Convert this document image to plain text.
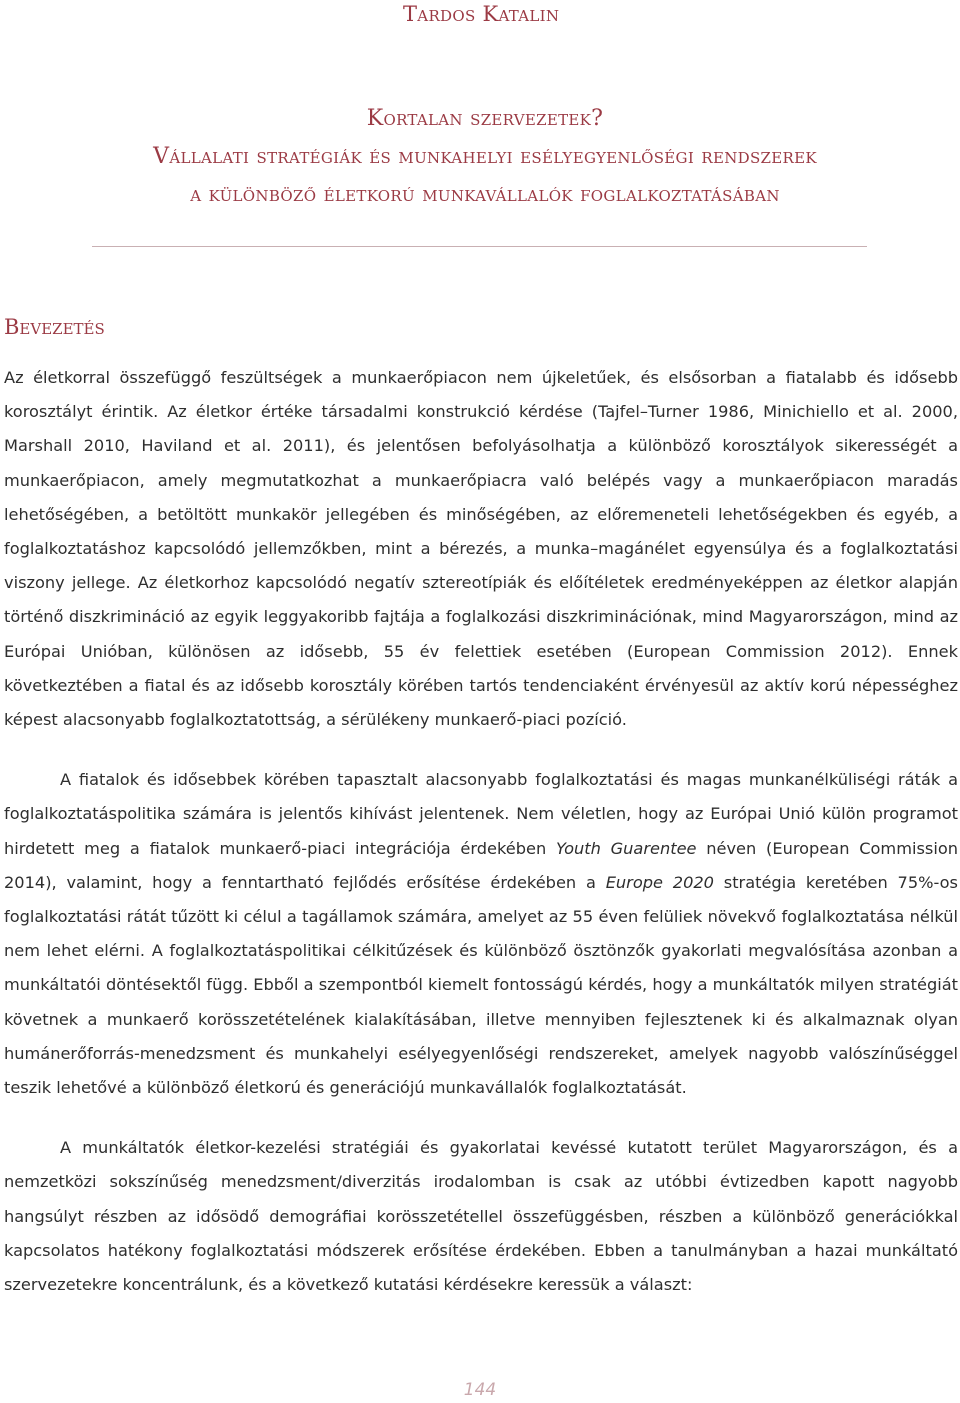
Tardos Katalin
Kortalan szervezetek?
Vállalati stratégiák és munkahelyi esélyegyenlőségi rendszerek
a különböző életkorú munkavállalók foglalkoztatásában
Bevezetés

Az életkorral összefüggő feszültségek a munkaerőpiacon nem újkeletűek, és elsősorban a fiatalabb és idősebb korosztályt érintik. Az életkor értéke társadalmi konstrukció kérdése (Tajfel–Turner 1986, Minichiello et al. 2000, Marshall 2010, Haviland et al. 2011), és jelentősen befolyásolhatja a különböző korosztályok sikerességét a munkaerőpiacon, amely megmutatkozhat a munkaerőpiacra való belépés vagy a munkaerőpiacon maradás lehetőségében, a betöltött munkakör jellegében és minőségében, az előremeneteli lehetőségekben és egyéb, a foglalkoztatáshoz kapcsolódó jellemzőkben, mint a bérezés, a munka–magánélet egyensúlya és a foglalkoztatási viszony jellege. Az életkorhoz kapcsolódó negatív sztereotípiák és előítéletek eredményeképpen az életkor alapján történő diszkrimináció az egyik leggyakoribb fajtája a foglalkozási diszkriminációnak, mind Magyarországon, mind az Európai Unióban, különösen az idősebb, 55 év felettiek esetében (European Commission 2012). Ennek következtében a fiatal és az idősebb korosztály körében tartós tendenciaként érvényesül az aktív korú népességhez képest alacsonyabb foglalkoztatottság, a sérülékeny munkaerő-piaci pozíció.

A fiatalok és idősebbek körében tapasztalt alacsonyabb foglalkoztatási és magas munkanélküliségi ráták a foglalkoztatáspolitika számára is jelentős kihívást jelentenek. Nem véletlen, hogy az Európai Unió külön programot hirdetett meg a fiatalok munkaerő-piaci integrációja érdekében Youth Guarentee néven (European Commission 2014), valamint, hogy a fenntartható fejlődés erősítése érdekében a Europe 2020 stratégia keretében 75%-os foglalkoztatási rátát tűzött ki célul a tagállamok számára, amelyet az 55 éven felüliek növekvő foglalkoztatása nélkül nem lehet elérni. A foglalkoztatáspolitikai célkitűzések és különböző ösztönzők gyakorlati megvalósítása azonban a munkáltatói döntésektől függ. Ebből a szempontból kiemelt fontosságú kérdés, hogy a munkáltatók milyen stratégiát követnek a munkaerő korösszetételének kialakításában, illetve mennyiben fejlesztenek ki és alkalmaznak olyan humánerőforrás-menedzsment és munkahelyi esélyegyenlőségi rendszereket, amelyek nagyobb valószínűséggel teszik lehetővé a különböző életkorú és generációjú munkavállalók foglalkoztatását.

A munkáltatók életkor-kezelési stratégiái és gyakorlatai kevéssé kutatott terület Magyarországon, és a nemzetközi sokszínűség menedzsment/diverzitás irodalomban is csak az utóbbi évtizedben kapott nagyobb hangsúlyt részben az idősödő demográfiai korösszetétellel összefüggésben, részben a különböző generációkkal kapcsolatos hatékony foglalkoztatási módszerek erősítése érdekében. Ebben a tanulmányban a hazai munkáltató szervezetekre koncentrálunk, és a következő kutatási kérdésekre keressük a választ:

144
